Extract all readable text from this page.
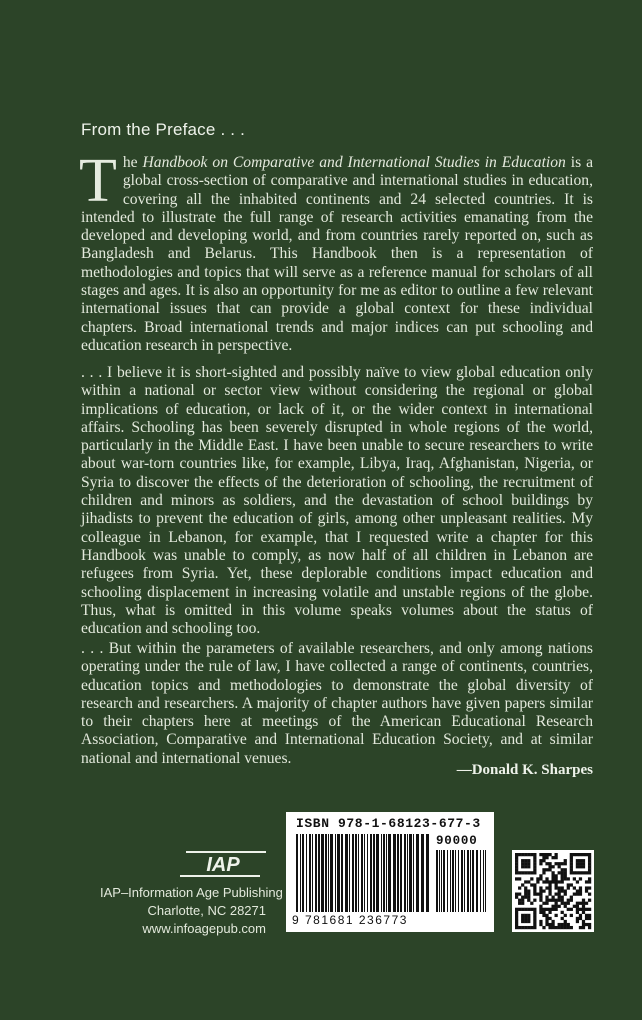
From the Preface . . .

The Handbook on Comparative and International Studies in Education is a global cross-section of comparative and international studies in education, covering all the inhabited continents and 24 selected countries. It is intended to illustrate the full range of research activities emanating from the developed and developing world, and from countries rarely reported on, such as Bangladesh and Belarus. This Handbook then is a representation of methodologies and topics that will serve as a reference manual for scholars of all stages and ages. It is also an opportunity for me as editor to outline a few relevant international issues that can provide a global context for these individual chapters. Broad international trends and major indices can put schooling and education research in perspective.

. . . I believe it is short-sighted and possibly naïve to view global education only within a national or sector view without considering the regional or global implications of education, or lack of it, or the wider context in international affairs. Schooling has been severely disrupted in whole regions of the world, particularly in the Middle East. I have been unable to secure researchers to write about war-torn countries like, for example, Libya, Iraq, Afghanistan, Nigeria, or Syria to discover the effects of the deterioration of schooling, the recruitment of children and minors as soldiers, and the devastation of school buildings by jihadists to prevent the education of girls, among other unpleasant realities. My colleague in Lebanon, for example, that I requested write a chapter for this Handbook was unable to comply, as now half of all children in Lebanon are refugees from Syria. Yet, these deplorable conditions impact education and schooling displacement in increasing volatile and unstable regions of the globe. Thus, what is omitted in this volume speaks volumes about the status of education and schooling too.

. . . But within the parameters of available researchers, and only among nations operating under the rule of law, I have collected a range of continents, countries, education topics and methodologies to demonstrate the global diversity of research and researchers. A majority of chapter authors have given papers similar to their chapters here at meetings of the American Educational Research Association, Comparative and International Education Society, and at similar national and international venues.

—Donald K. Sharpes
IAP
IAP–Information Age Publishing
Charlotte, NC 28271
www.infoagepub.com
ISBN 978-1-68123-677-3
90000
9 781681 236773
